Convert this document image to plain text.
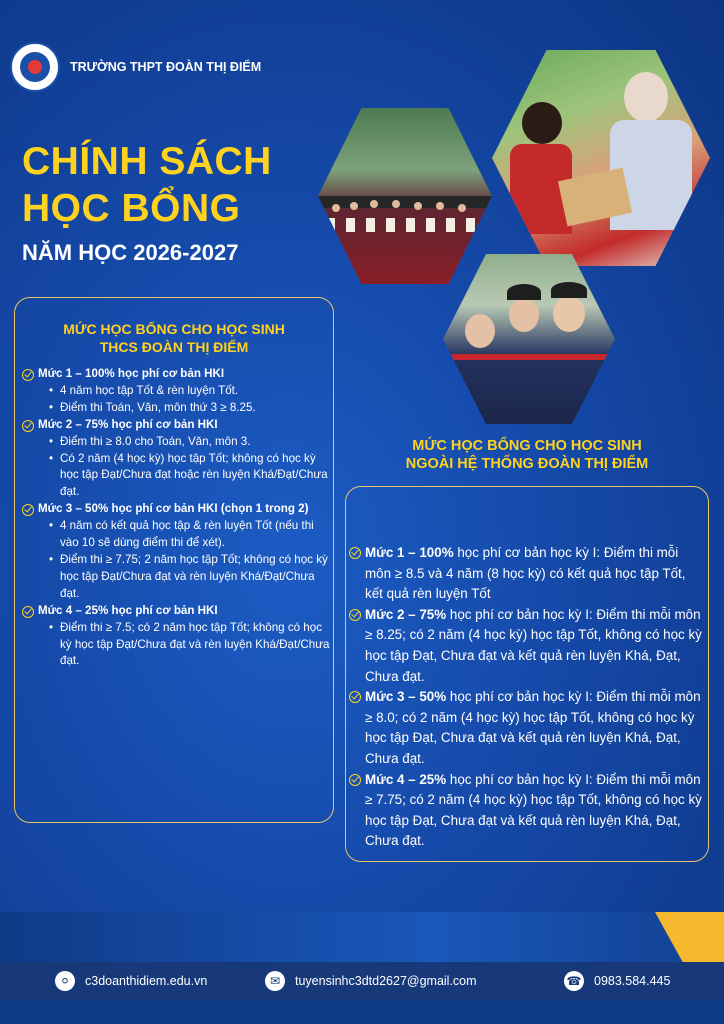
TRƯỜNG THPT ĐOÀN THỊ ĐIỂM
CHÍNH SÁCH
HỌC BỔNG
NĂM HỌC 2026-2027
MỨC HỌC BỔNG CHO HỌC SINH
THCS ĐOÀN THỊ ĐIỂM
Mức 1 – 100% học phí cơ bản HKI
• 4 năm học tập Tốt & rèn luyện Tốt.
• Điểm thi Toán, Văn, môn thứ 3 ≥ 8.25.
Mức 2 – 75% học phí cơ bản HKI
• Điểm thi ≥ 8.0 cho Toán, Văn, môn 3.
• Có 2 năm (4 học kỳ) học tập Tốt; không có học kỳ học tập Đạt/Chưa đạt hoặc rèn luyện Khá/Đạt/Chưa đạt.
Mức 3 – 50% học phí cơ bản HKI (chọn 1 trong 2)
• 4 năm có kết quả học tập & rèn luyện Tốt (nếu thi vào 10 sẽ dùng điểm thi để xét).
• Điểm thi ≥ 7.75; 2 năm học tập Tốt; không có học kỳ học tập Đạt/Chưa đạt và rèn luyện Khá/Đạt/Chưa đạt.
Mức 4 – 25% học phí cơ bản HKI
• Điểm thi ≥ 7.5; có 2 năm học tập Tốt; không có học kỳ học tập Đạt/Chưa đạt và rèn luyện Khá/Đạt/Chưa đạt.
MỨC HỌC BỔNG CHO HỌC SINH
NGOÀI HỆ THỐNG ĐOÀN THỊ ĐIỂM
Mức 1 – 100% học phí cơ bản học kỳ I: Điểm thi mỗi môn ≥ 8.5 và 4 năm (8 học kỳ) có kết quả học tập Tốt, kết quả rèn luyện Tốt
Mức 2 – 75% học phí cơ bản học kỳ I: Điểm thi mỗi môn ≥ 8.25; có 2 năm (4 học kỳ) học tập Tốt, không có học kỳ học tập Đạt, Chưa đạt và kết quả rèn luyện Khá, Đạt, Chưa đạt.
Mức 3 – 50% học phí cơ bản học kỳ I: Điểm thi mỗi môn ≥ 8.0; có 2 năm (4 học kỳ) học tập Tốt, không có học kỳ học tập Đạt, Chưa đạt và kết quả rèn luyện Khá, Đạt, Chưa đạt.
Mức 4 – 25% học phí cơ bản học kỳ I: Điểm thi mỗi môn ≥ 7.75; có 2 năm (4 học kỳ) học tập Tốt, không có học kỳ học tập Đạt, Chưa đạt và kết quả rèn luyện Khá, Đạt, Chưa đạt.
⚪	c3doanthidiem.edu.vn	✉	tuyensinhc3dtd2627@gmail.com	☎ 0983.584.445
